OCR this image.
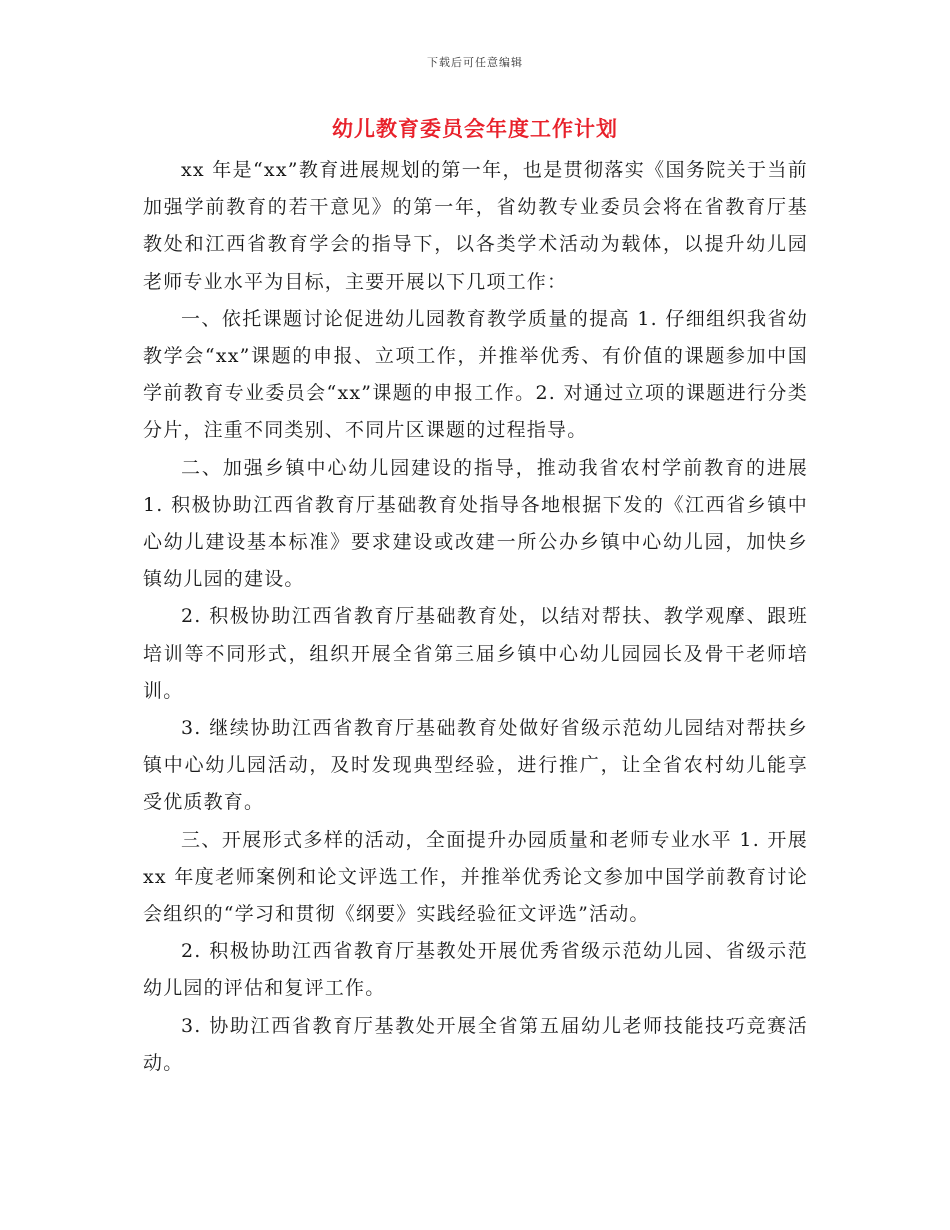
下载后可任意编辑
幼儿教育委员会年度工作计划

xx 年是“xx”教育进展规划的第一年，也是贯彻落实《国务院关于当前加强学前教育的若干意见》的第一年，省幼教专业委员会将在省教育厅基教处和江西省教育学会的指导下，以各类学术活动为载体，以提升幼儿园老师专业水平为目标，主要开展以下几项工作：

一、依托课题讨论促进幼儿园教育教学质量的提高 1. 仔细组织我省幼教学会“xx”课题的申报、立项工作，并推举优秀、有价值的课题参加中国学前教育专业委员会“xx”课题的申报工作。2. 对通过立项的课题进行分类分片，注重不同类别、不同片区课题的过程指导。

二、加强乡镇中心幼儿园建设的指导，推动我省农村学前教育的进展 1. 积极协助江西省教育厅基础教育处指导各地根据下发的《江西省乡镇中心幼儿建设基本标准》要求建设或改建一所公办乡镇中心幼儿园，加快乡镇幼儿园的建设。

2. 积极协助江西省教育厅基础教育处，以结对帮扶、教学观摩、跟班培训等不同形式，组织开展全省第三届乡镇中心幼儿园园长及骨干老师培训。

3. 继续协助江西省教育厅基础教育处做好省级示范幼儿园结对帮扶乡镇中心幼儿园活动，及时发现典型经验，进行推广，让全省农村幼儿能享受优质教育。

三、开展形式多样的活动，全面提升办园质量和老师专业水平 1. 开展 xx 年度老师案例和论文评选工作，并推举优秀论文参加中国学前教育讨论会组织的“学习和贯彻《纲要》实践经验征文评选”活动。

2. 积极协助江西省教育厅基教处开展优秀省级示范幼儿园、省级示范幼儿园的评估和复评工作。

3. 协助江西省教育厅基教处开展全省第五届幼儿老师技能技巧竞赛活动。
